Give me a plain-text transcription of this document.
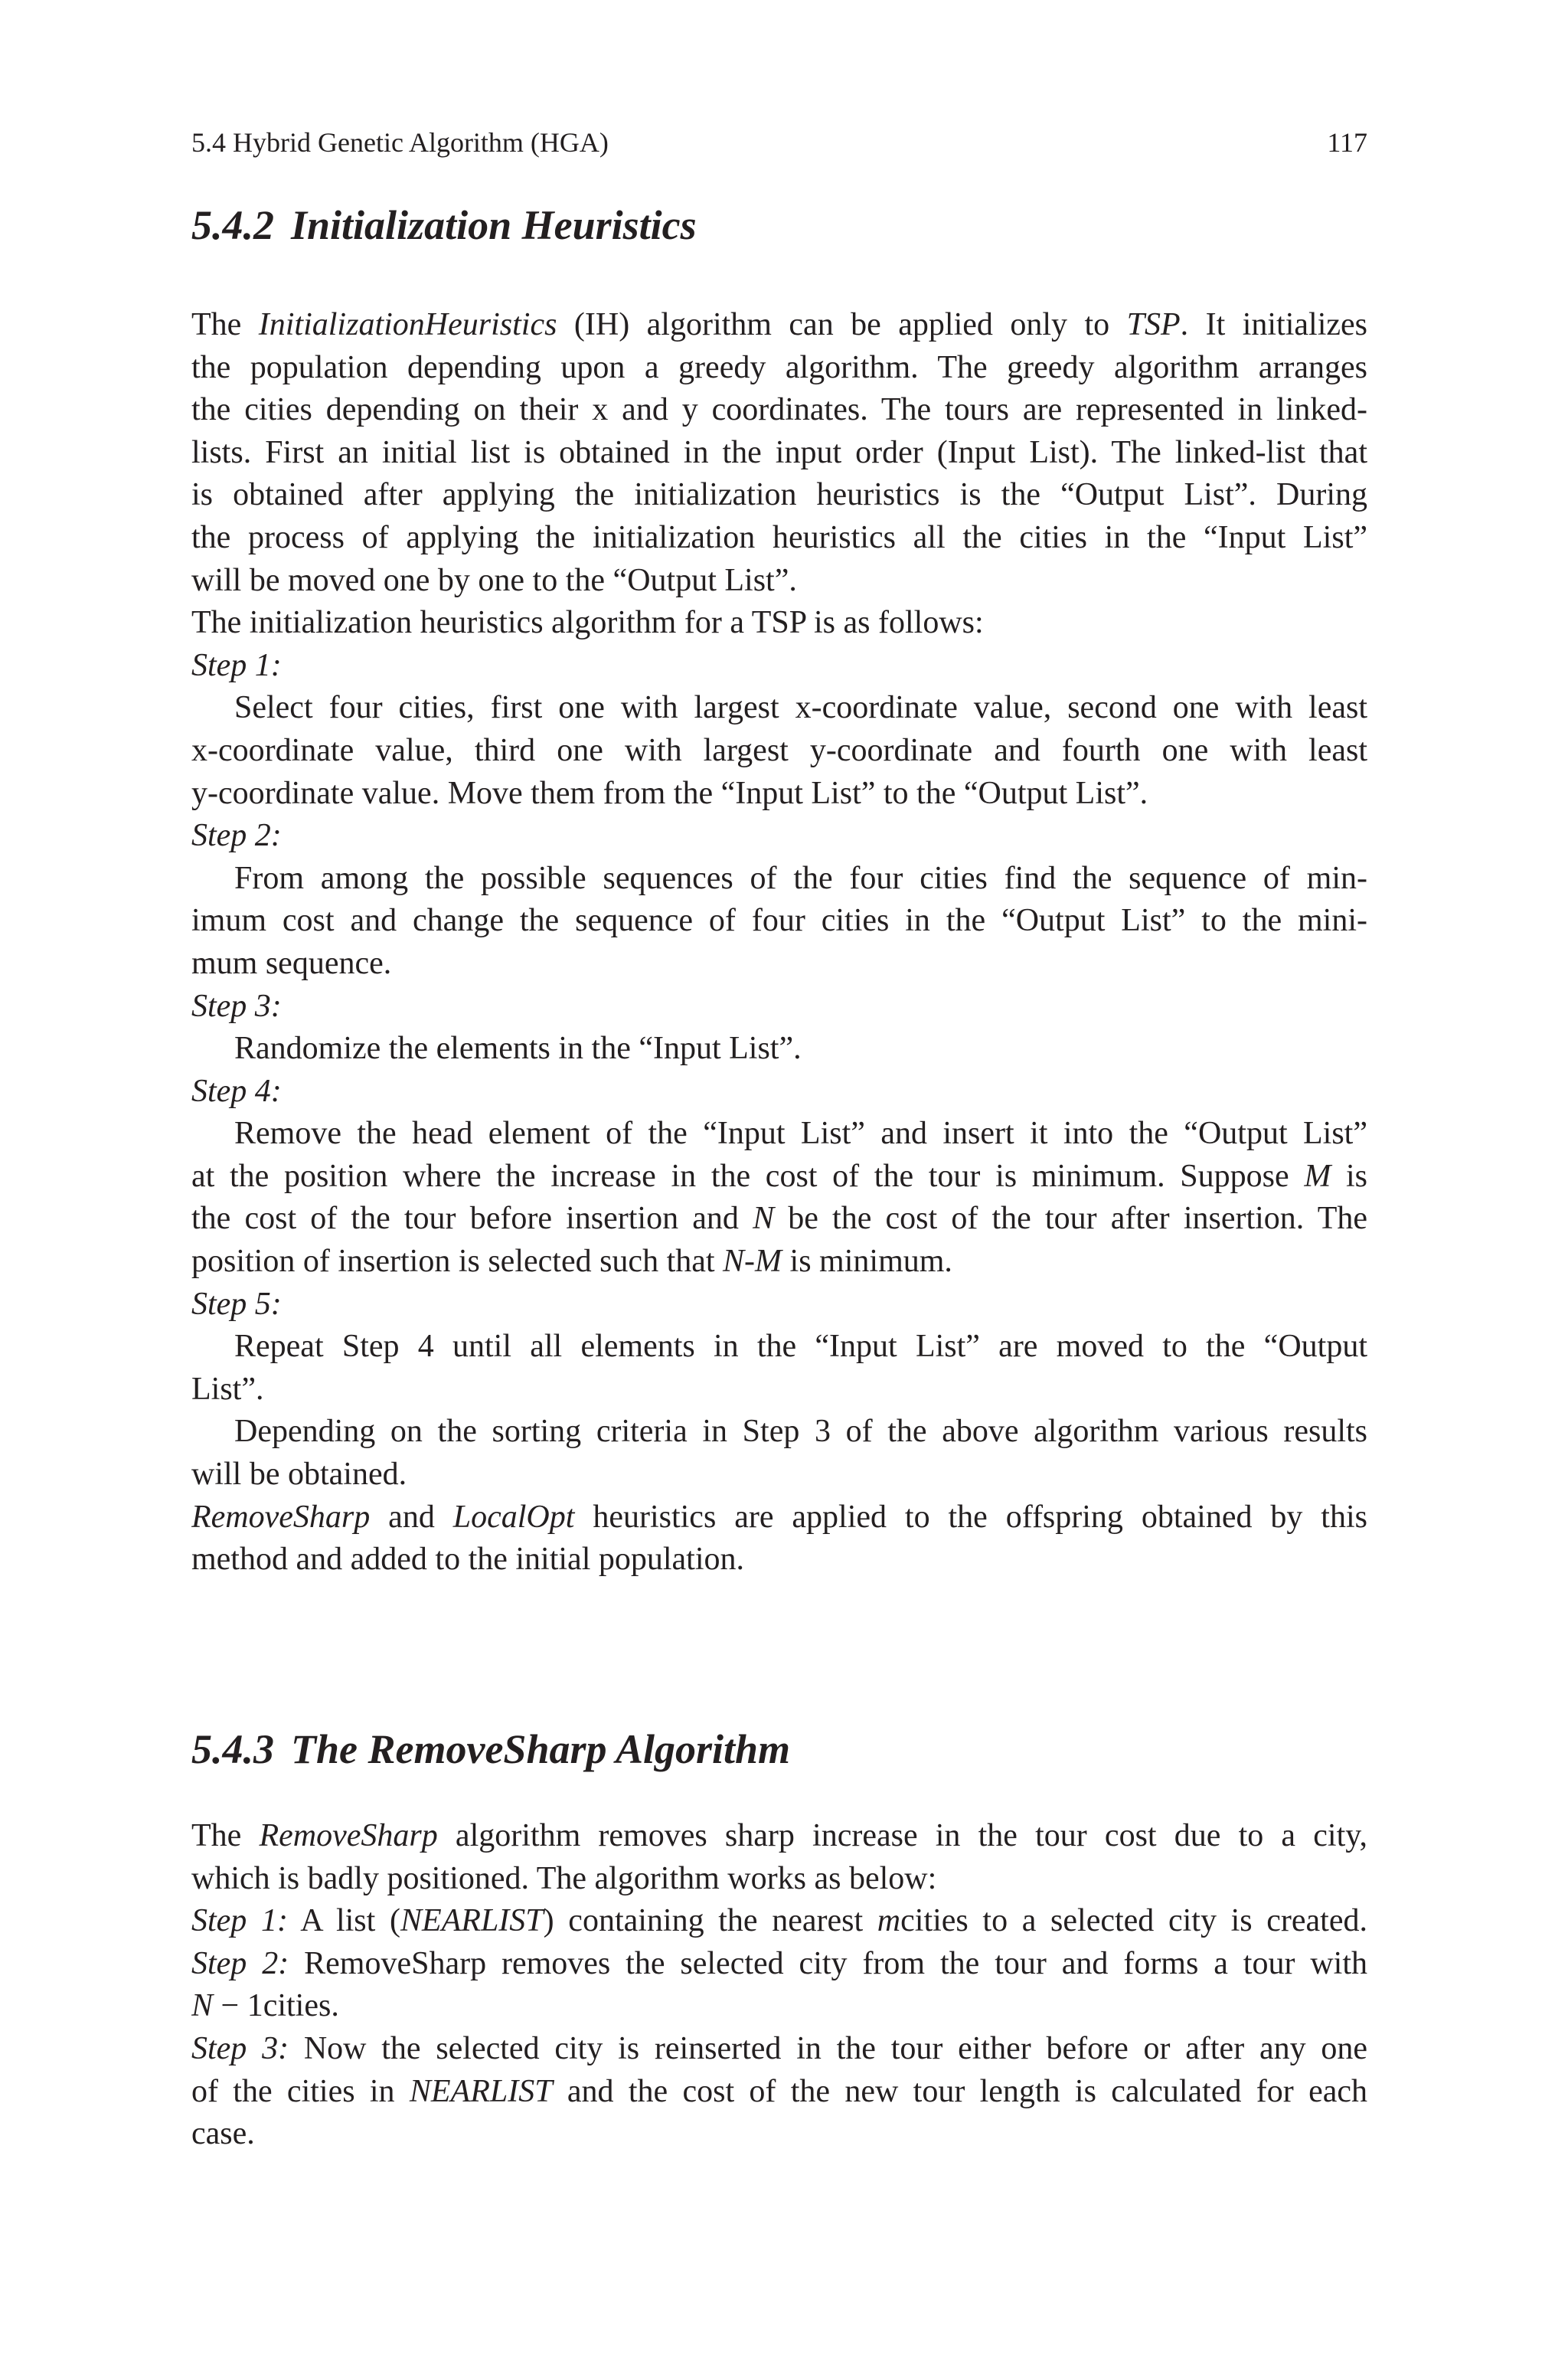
5.4 Hybrid Genetic Algorithm (HGA)	117
5.4.2 Initialization Heuristics
The InitializationHeuristics (IH) algorithm can be applied only to TSP. It initializes
the population depending upon a greedy algorithm. The greedy algorithm arranges
the cities depending on their x and y coordinates. The tours are represented in linked-
lists. First an initial list is obtained in the input order (Input List). The linked-list that
is obtained after applying the initialization heuristics is the “Output List”. During
the process of applying the initialization heuristics all the cities in the “Input List”
will be moved one by one to the “Output List”.
The initialization heuristics algorithm for a TSP is as follows:
Step 1:
Select four cities, first one with largest x-coordinate value, second one with least
x-coordinate value, third one with largest y-coordinate and fourth one with least
y-coordinate value. Move them from the “Input List” to the “Output List”.
Step 2:
From among the possible sequences of the four cities find the sequence of min-
imum cost and change the sequence of four cities in the “Output List” to the mini-
mum sequence.
Step 3:
Randomize the elements in the “Input List”.
Step 4:
Remove the head element of the “Input List” and insert it into the “Output List”
at the position where the increase in the cost of the tour is minimum. Suppose M is
the cost of the tour before insertion and N be the cost of the tour after insertion. The
position of insertion is selected such that N-M is minimum.
Step 5:
Repeat Step 4 until all elements in the “Input List” are moved to the “Output
List”.
Depending on the sorting criteria in Step 3 of the above algorithm various results
will be obtained.
RemoveSharp and LocalOpt heuristics are applied to the offspring obtained by this
method and added to the initial population.
5.4.3 The RemoveSharp Algorithm
The RemoveSharp algorithm removes sharp increase in the tour cost due to a city,
which is badly positioned. The algorithm works as below:
Step 1: A list (NEARLIST) containing the nearest mcities to a selected city is created.
Step 2: RemoveSharp removes the selected city from the tour and forms a tour with
N − 1cities.
Step 3: Now the selected city is reinserted in the tour either before or after any one
of the cities in NEARLIST and the cost of the new tour length is calculated for each
case.
